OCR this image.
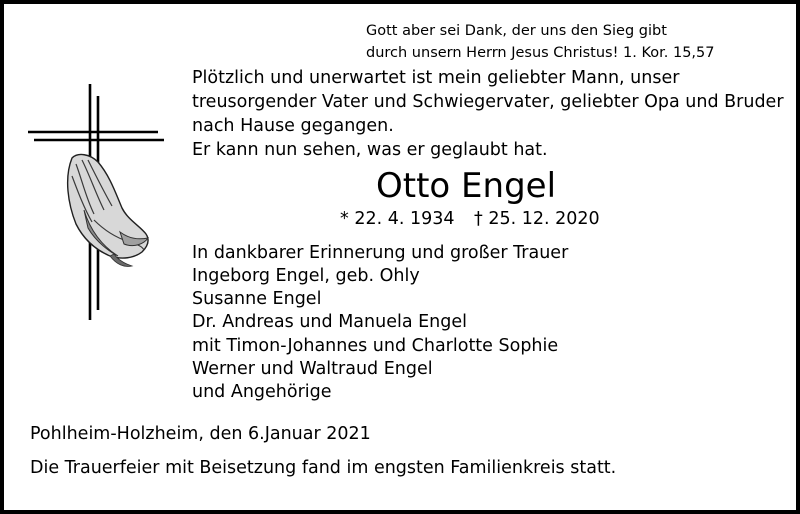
Gott aber sei Dank, der uns den Sieg gibt

durch unsern Herrn Jesus Christus! 1. Kor. 15,57

Plötzlich und unerwartet ist mein geliebter Mann, unser

treusorgender Vater und Schwiegervater, geliebter Opa und Bruder

nach Hause gegangen.

Er kann nun sehen, was er geglaubt hat.

Otto Engel

* 22. 4. 1934 † 25. 12. 2020

In dankbarer Erinnerung und großer Trauer

Ingeborg Engel, geb. Ohly

Susanne Engel

Dr. Andreas und Manuela Engel

mit Timon-Johannes und Charlotte Sophie

Werner und Waltraud Engel

und Angehörige

Pohlheim-Holzheim, den 6.Januar 2021

Die Trauerfeier mit Beisetzung fand im engsten Familienkreis statt.
